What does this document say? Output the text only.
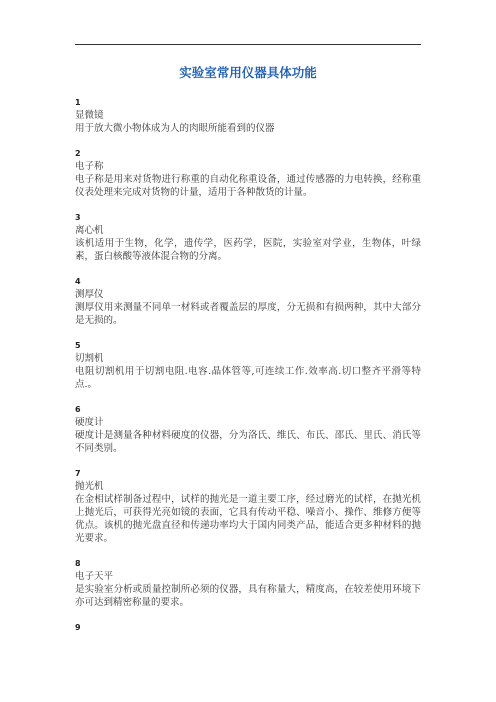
实验室常用仪器具体功能
1
显微镜
用于放大微小物体成为人的肉眼所能看到的仪器
2
电子称
电子称是用来对货物进行称重的自动化称重设备，通过传感器的力电转换，经称重仪表处理来完成对货物的计量，适用于各种散货的计量。
3
离心机
该机适用于生物，化学，遗传学，医药学，医院，实验室对学业，生物体，叶绿素，蛋白核酸等液体混合物的分离。
4
测厚仪
测厚仪用来测量不同单一材料或者覆盖层的厚度，分无损和有损两种，其中大部分是无损的。
5
切割机
电阻切割机用于切割电阻.电容.晶体管等,可连续工作.效率高.切口整齐平滑等特点.。
6
硬度计
硬度计是测量各种材料硬度的仪器，分为洛氏、维氏、布氏、邵氏、里氏、消氏等不同类别。
7
抛光机
在金相试样制备过程中，试样的抛光是一道主要工序，经过磨光的试样，在抛光机上抛光后，可获得光亮如镜的表面，它具有传动平稳、噪音小、操作、维修方便等优点。该机的抛光盘直径和传递功率均大于国内同类产品，能适合更多种材料的抛光要求。
8
电子天平
是实验室分析或质量控制所必须的仪器，具有称量大，精度高，在较差使用环境下亦可达到精密称量的要求。
9
